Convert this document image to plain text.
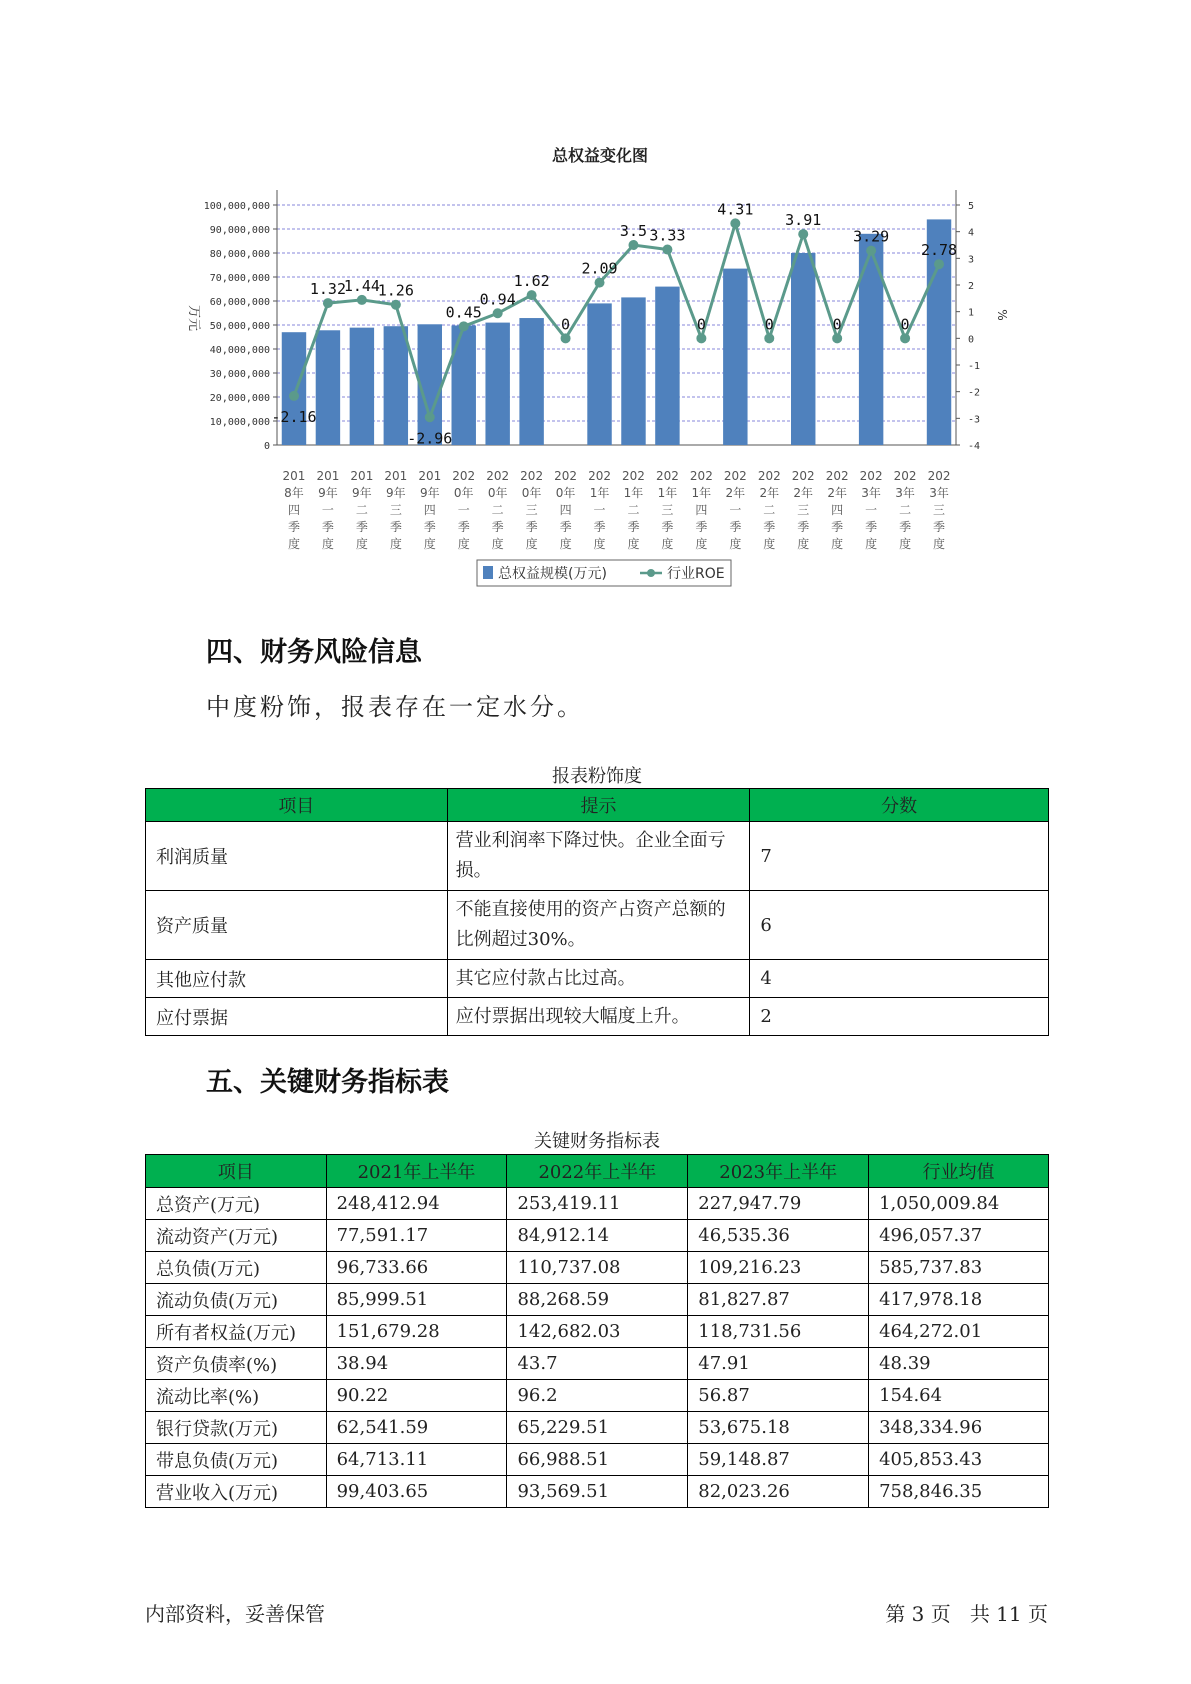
总权益变化图
0
10,000,000
20,000,000
30,000,000
40,000,000
50,000,000
60,000,000
70,000,000
80,000,000
90,000,000
100,000,000
-4
-3
-2
-1
0
1
2
3
4
5
万元	%
-2.16
1.32
1.44
1.26
-2.96
0.45
0.94
1.62
0
2.09
3.5 3.33
0
4.31
0
3.91
0
3.29
0
2.78
201 8年四季度
201 9年一季度
201 9年二季度
201 9年三季度
201 9年四季度
202 0年一季度
202 0年二季度
202 0年三季度
202 0年四季度
202 1年一季度
202 1年二季度
202 1年三季度
202 1年四季度
202 2年一季度
202 2年二季度
202 2年三季度
202 2年四季度
202 3年一季度
202 3年二季度
202 3年三季度
总权益规模(万元)	行业ROE
四、财务风险信息

中度粉饰，报表存在一定水分。

报表粉饰度
项目	提示	分数
利润质量	营业利润率下降过快。企业全面亏损。	7
资产质量	不能直接使用的资产占资产总额的比例超过30%。	6
其他应付款	其它应付款占比过高。	4
应付票据	应付票据出现较大幅度上升。	2
五、关键财务指标表
关键财务指标表
项目	2021年上半年	2022年上半年	2023年上半年	行业均值
总资产(万元)	248,412.94	253,419.11	227,947.79	1,050,009.84
流动资产(万元)	77,591.17	84,912.14	46,535.36	496,057.37
总负债(万元)	96,733.66	110,737.08	109,216.23	585,737.83
流动负债(万元)	85,999.51	88,268.59	81,827.87	417,978.18
所有者权益(万元)	151,679.28	142,682.03	118,731.56	464,272.01
资产负债率(%)	38.94	43.7	47.91	48.39
流动比率(%)	90.22	96.2	56.87	154.64
银行贷款(万元)	62,541.59	65,229.51	53,675.18	348,334.96
带息负债(万元)	64,713.11	66,988.51	59,148.87	405,853.43
营业收入(万元)	99,403.65	93,569.51	82,023.26	758,846.35
内部资料，妥善保管	第 3 页   共 11 页
